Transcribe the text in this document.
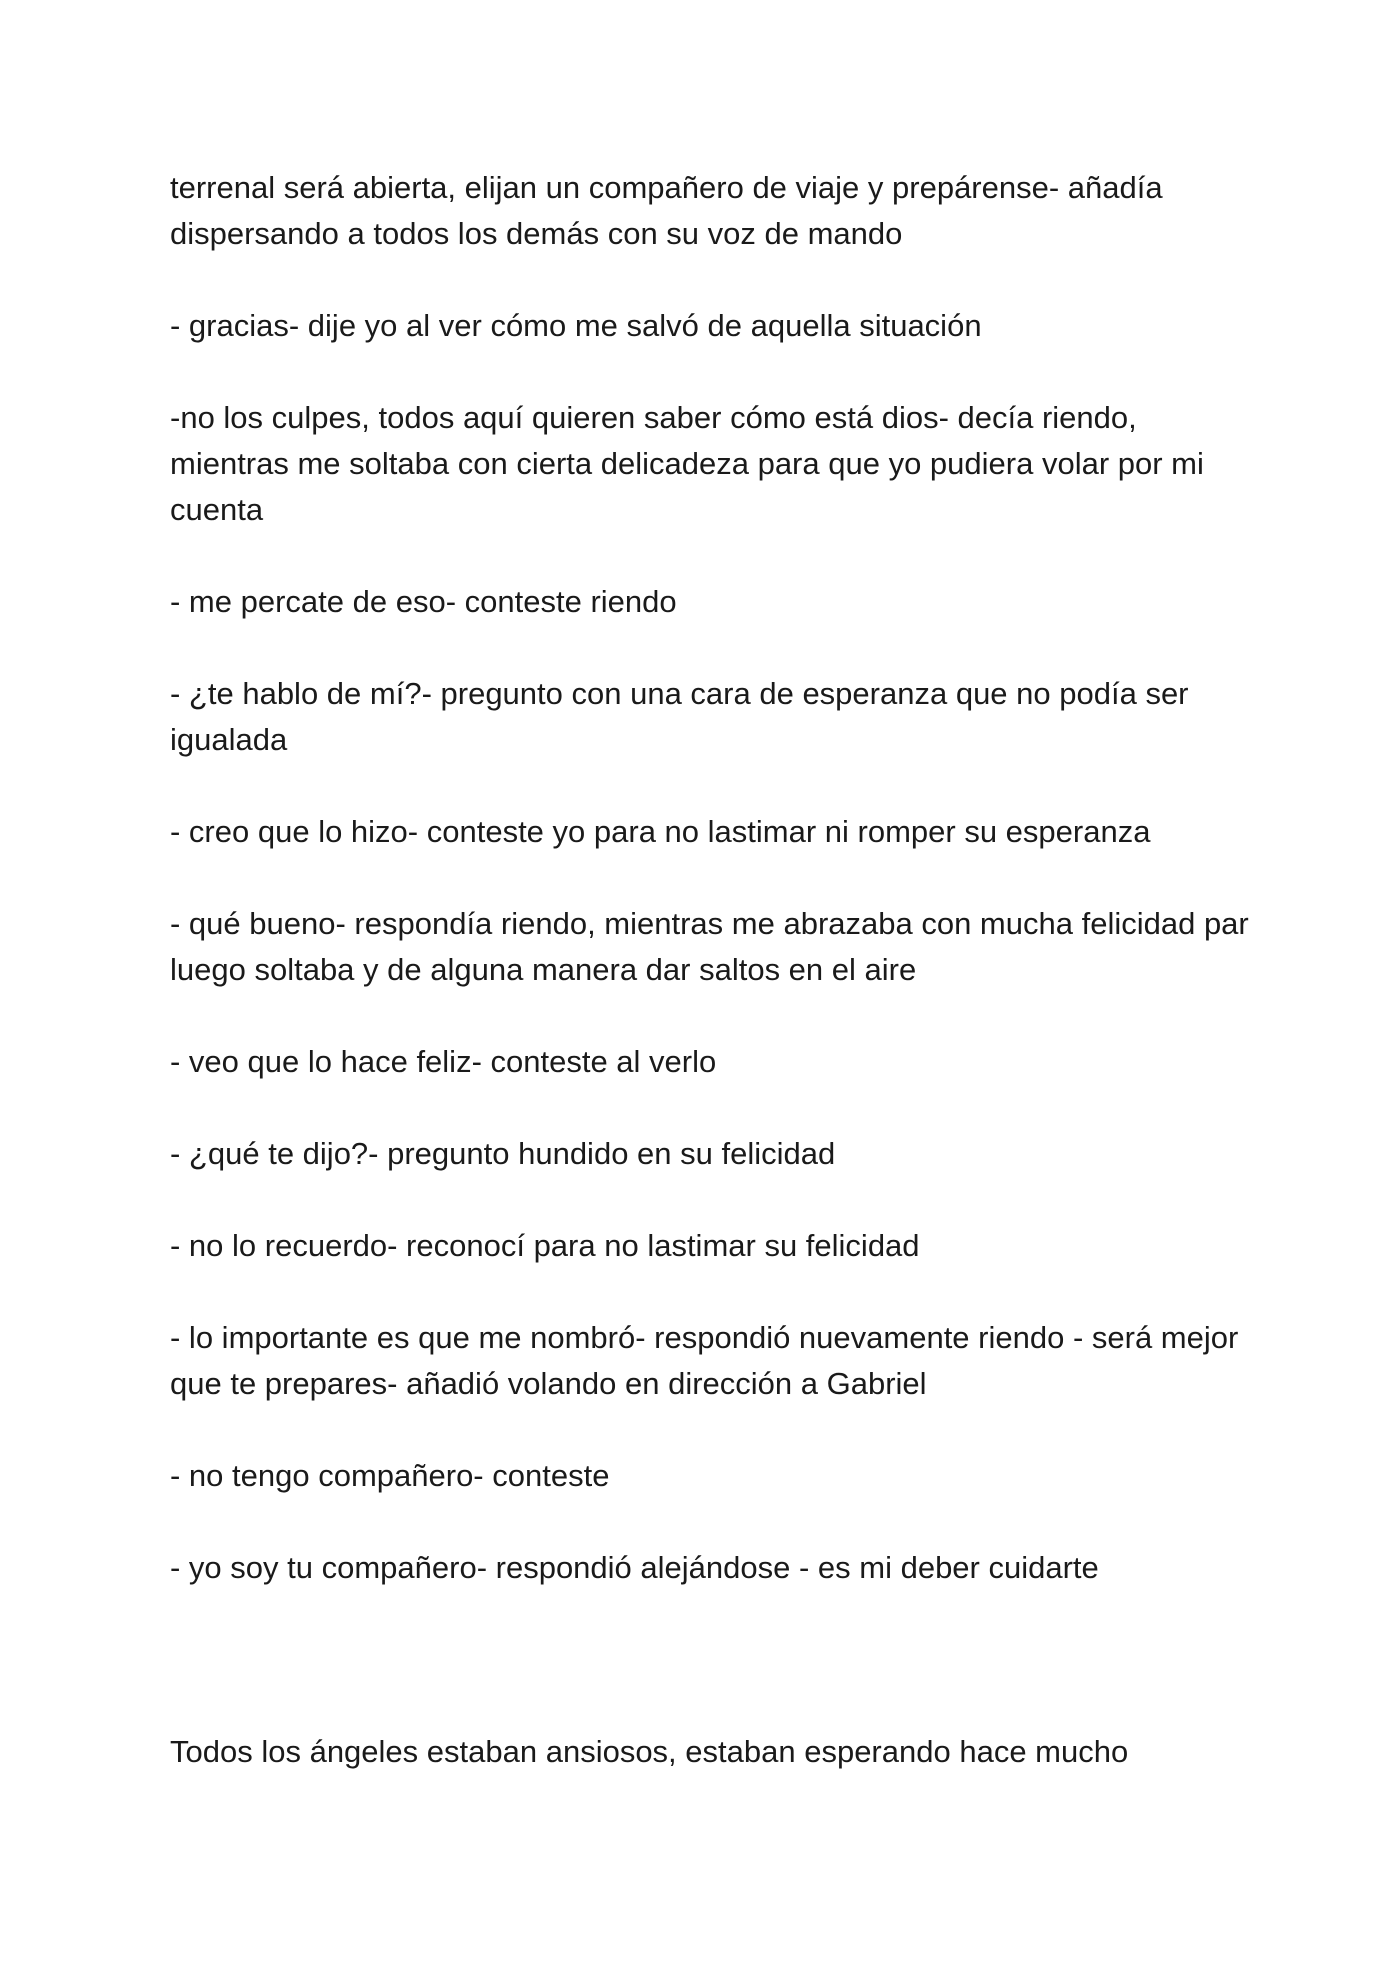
terrenal será abierta, elijan un compañero de viaje y prepárense- añadía dispersando a todos los demás con su voz de mando

- gracias- dije yo al ver cómo me salvó de aquella situación

-no los culpes, todos aquí quieren saber cómo está dios- decía riendo, mientras me soltaba con cierta delicadeza para que yo pudiera volar por mi cuenta

- me percate de eso- conteste riendo

- ¿te hablo de mí?- pregunto con una cara de esperanza que no podía ser igualada

- creo que lo hizo- conteste yo para no lastimar ni romper su esperanza

- qué bueno- respondía riendo, mientras me abrazaba con mucha felicidad par luego soltaba y de alguna manera dar saltos en el aire

- veo que lo hace feliz- conteste al verlo

- ¿qué te dijo?- pregunto hundido en su felicidad

- no lo recuerdo- reconocí para no lastimar su felicidad

- lo importante es que me nombró- respondió nuevamente riendo - será mejor que te prepares- añadió volando en dirección a Gabriel

- no tengo compañero- conteste

- yo soy tu compañero- respondió alejándose - es mi deber cuidarte

Todos los ángeles estaban ansiosos, estaban esperando hace mucho
